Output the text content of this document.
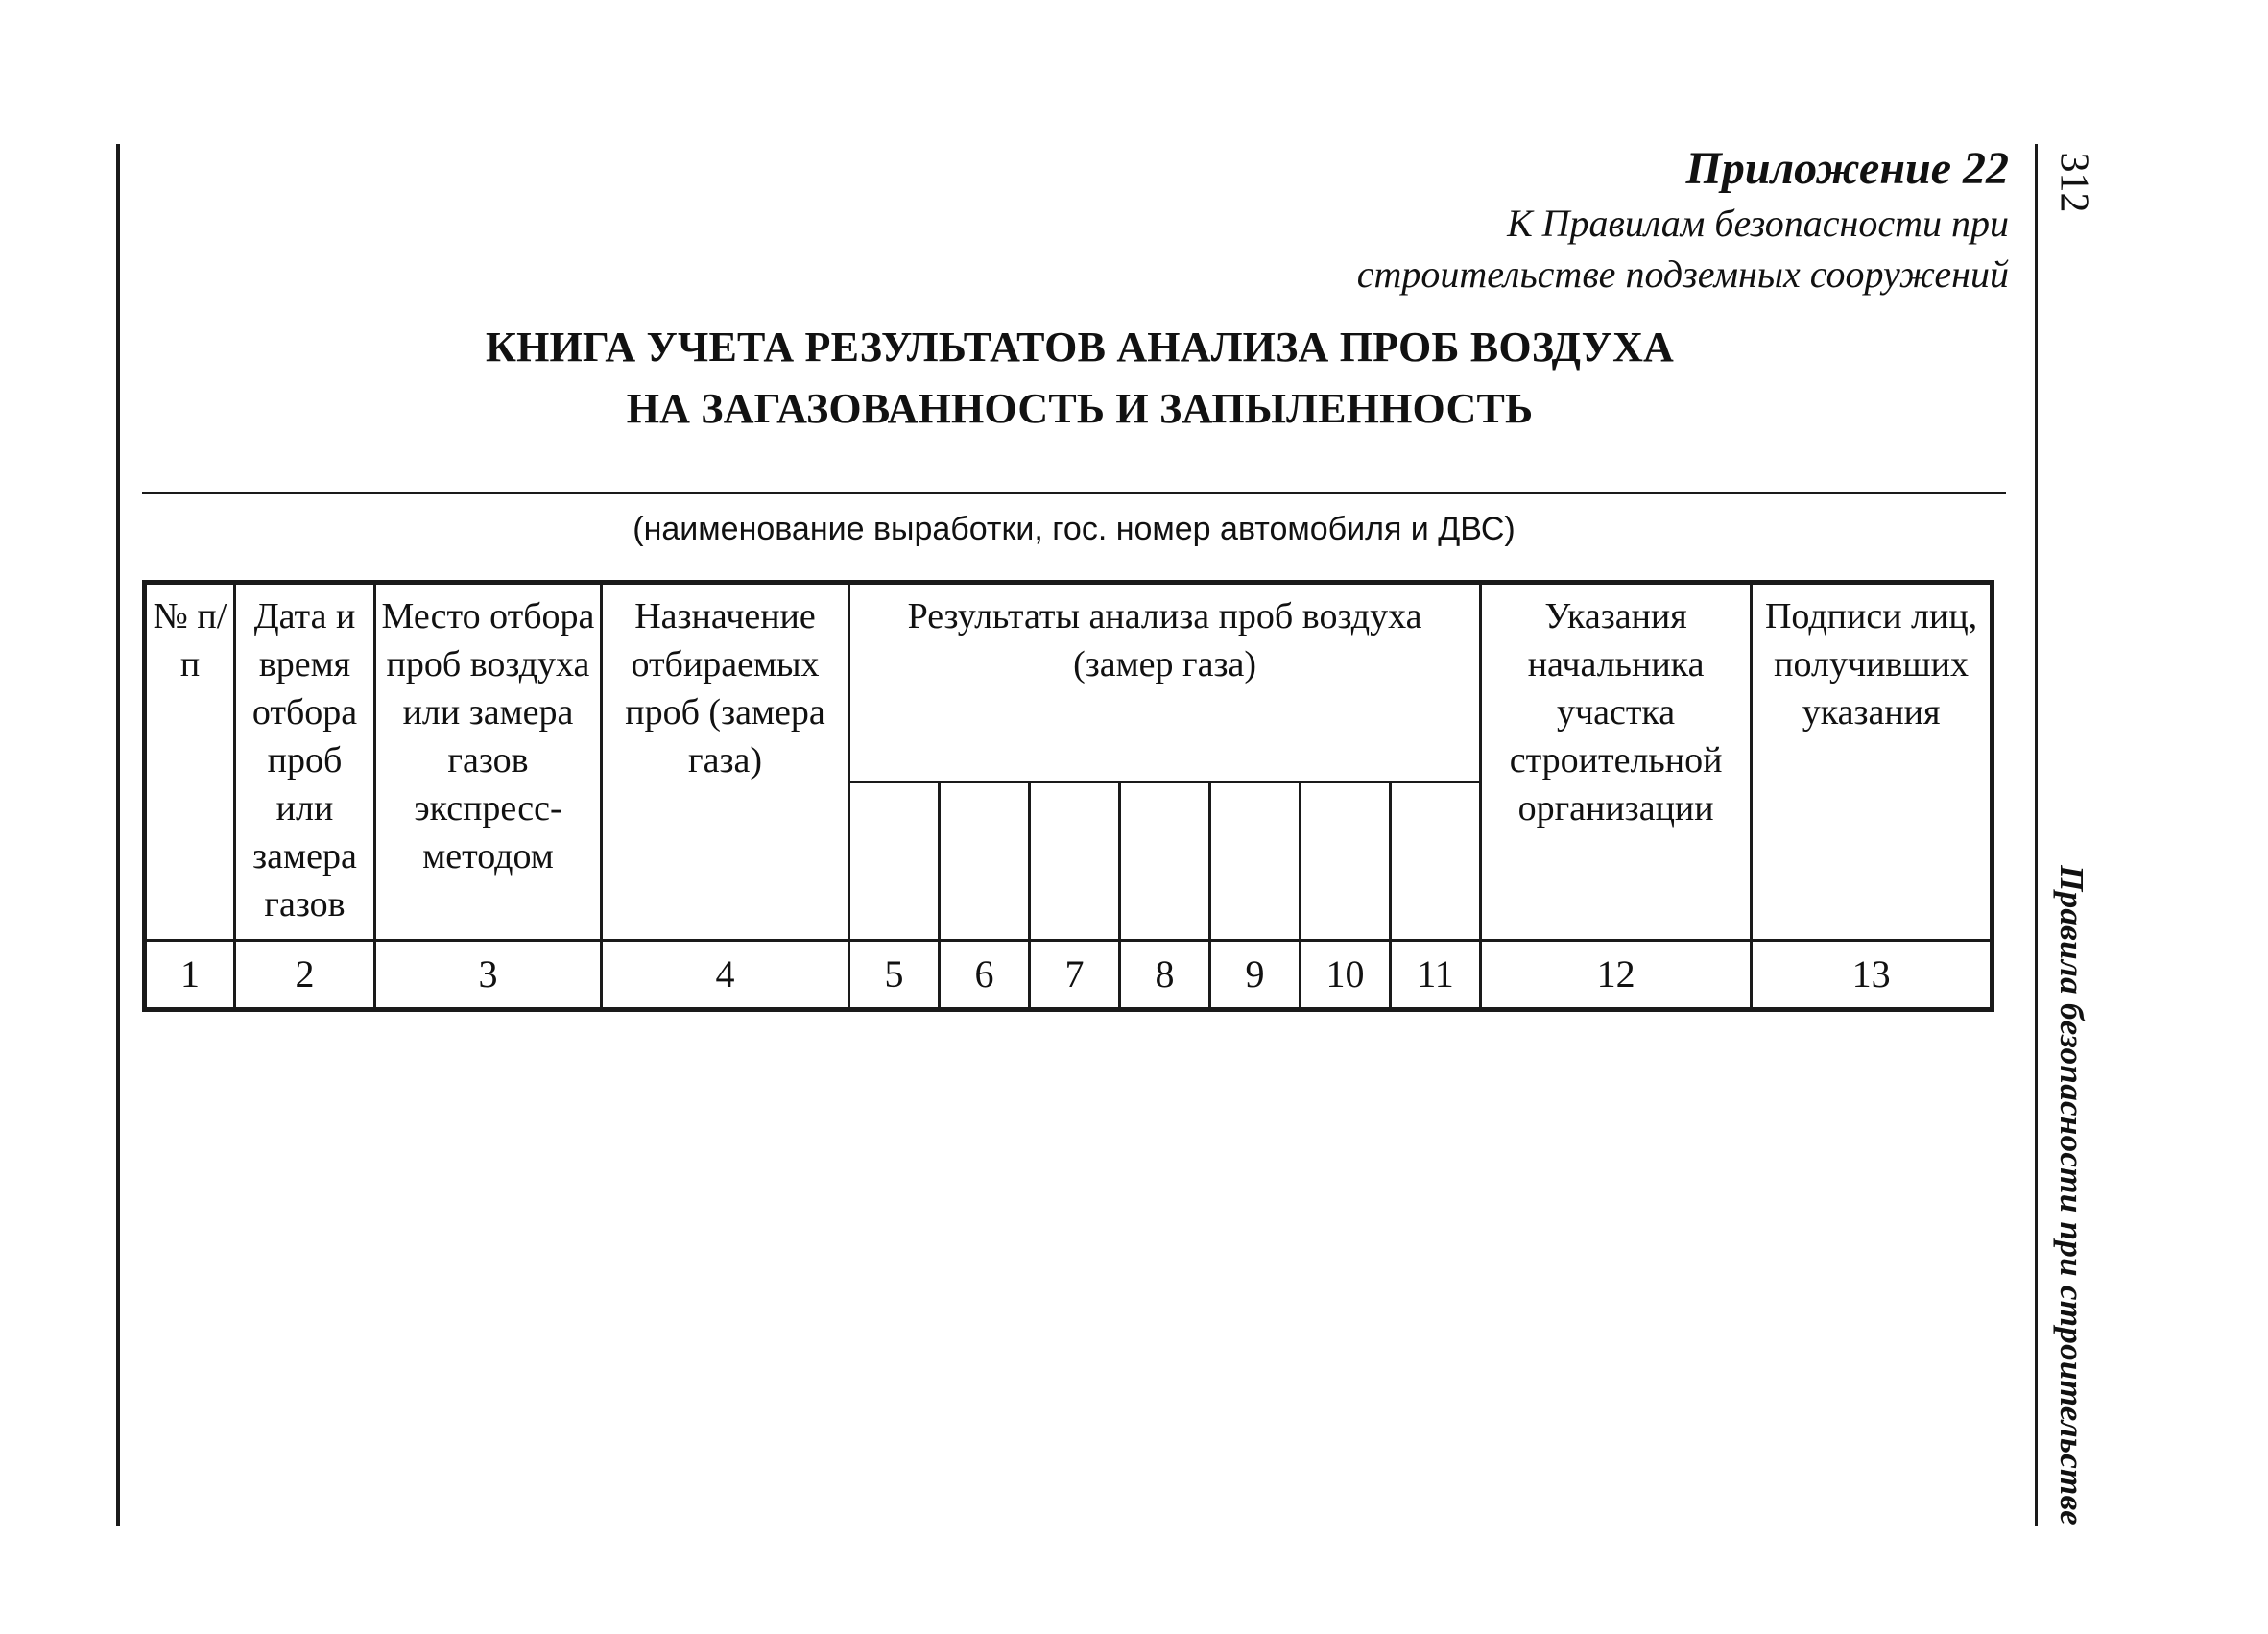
312
Правила безопасности при строительстве
Приложение 22
К Правилам безопасности при
строительстве подземных сооружений
КНИГА УЧЕТА РЕЗУЛЬТАТОВ АНАЛИЗА ПРОБ ВОЗДУХА
НА ЗАГАЗОВАННОСТЬ И ЗАПЫЛЕННОСТЬ
(наименование выработки, гос. номер автомобиля и ДВС)
№ п/п	Дата и время отбора проб или замера газов	Место отбора проб воздуха или замера газов экспресс-методом	Назначение отбираемых проб (замера газа)	Результаты анализа проб воздуха (замер газа)							Указания начальника участка строительной организации	Подписи лиц, получивших указания

1	2	3	4	5	6	7	8	9	10	11	12	13
